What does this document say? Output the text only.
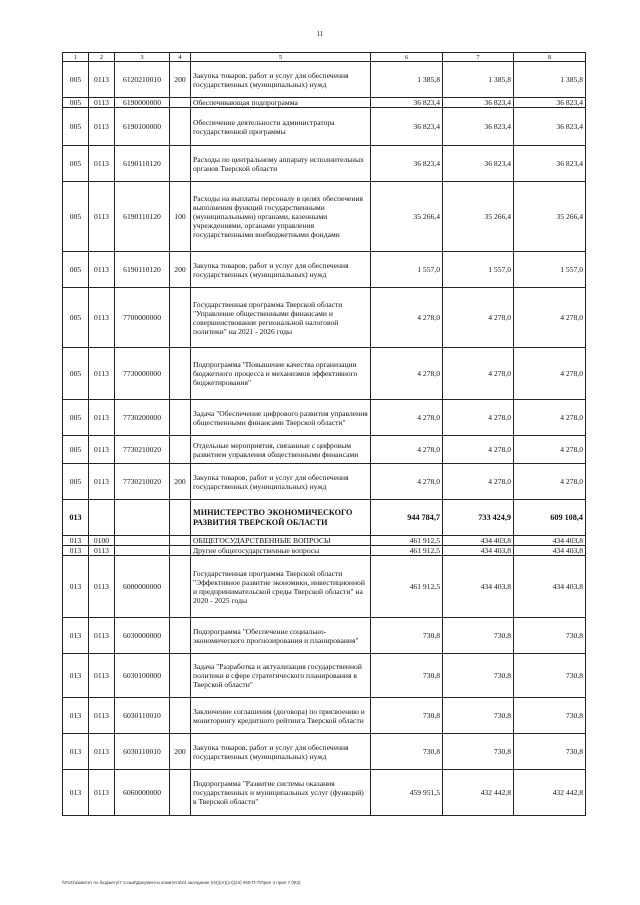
11
1	2	3	4	5	6	7	8
005	0113	6120210010	200	Закупка товаров, работ и услуг для обеспечения государственных (муниципальных) нужд	1 385,8	1 385,8	1 385,8
005	0113	6190000000		Обеспечивающая подпрограмма	36 823,4	36 823,4	36 823,4
005	0113	6190100000		Обеспечение деятельности администратора государственной программы	36 823,4	36 823,4	36 823,4
005	0113	6190110120		Расходы по центральному аппарату исполнительных органов Тверской области	36 823,4	36 823,4	36 823,4
005	0113	6190110120	100	Расходы на выплаты персоналу в целях обеспечения выполнения функций государственными (муниципальными) органами, казенными учреждениями, органами управления государственными внебюджетными фондами	35 266,4	35 266,4	35 266,4
005	0113	6190110120	200	Закупка товаров, работ и услуг для обеспечения государственных (муниципальных) нужд	1 557,0	1 557,0	1 557,0
005	0113	7700000000		Государственная программа Тверской области "Управление общественными финансами и совершенствование региональной налоговой политики" на 2021 - 2026 годы	4 278,0	4 278,0	4 278,0
005	0113	7730000000		Подпрограмма "Повышение качества организации бюджетного процесса и механизмов эффективного бюджетирования"	4 278,0	4 278,0	4 278,0
005	0113	7730200000		Задача "Обеспечение цифрового развития управления общественными финансами Тверской области"	4 278,0	4 278,0	4 278,0
005	0113	7730210020		Отдельные мероприятия, связанные с цифровым развитием управления общественными финансами	4 278,0	4 278,0	4 278,0
005	0113	7730210020	200	Закупка товаров, работ и услуг для обеспечения государственных (муниципальных) нужд	4 278,0	4 278,0	4 278,0
013				МИНИСТЕРСТВО ЭКОНОМИЧЕСКОГО РАЗВИТИЯ ТВЕРСКОЙ ОБЛАСТИ	944 784,7	733 424,9	609 108,4
013	0100			ОБЩЕГОСУДАРСТВЕННЫЕ ВОПРОСЫ	461 912,5	434 403,8	434 403,8
013	0113			Другие общегосударственные вопросы	461 912,5	434 403,8	434 403,8
013	0113	6000000000		Государственная программа Тверской области "Эффективное развитие экономики, инвестиционной и предпринимательской среды Тверской области" на 2020 - 2025 годы	461 912,5	434 403,8	434 403,8
013	0113	6030000000		Подпрограмма "Обеспечение социально-экономического прогнозирования и планирования"	730,8	730,8	730,8
013	0113	6030100000		Задача "Разработка и актуализация государственной политики в сфере стратегического планирования в Тверской области"	730,8	730,8	730,8
013	0113	6030110010		Заключение соглашения (договора) по присвоению и мониторингу кредитного рейтинга Тверской области	730,8	730,8	730,8
013	0113	6030110010	200	Закупка товаров, работ и услуг для обеспечения государственных (муниципальных) нужд	730,8	730,8	730,8
013	0113	6060000000		Подпрограмма "Развитие системы оказания государственных и муниципальных услуг (функций) в Тверской области"	459 951,5	432 442,8	432 442,8
\\Fs01\комитет по бюджету\7 созыв\Документы комитета\24 заседание (04)(от)(от)(24) 460-П-7\Прил 4 прил 7 (ФЗ)
